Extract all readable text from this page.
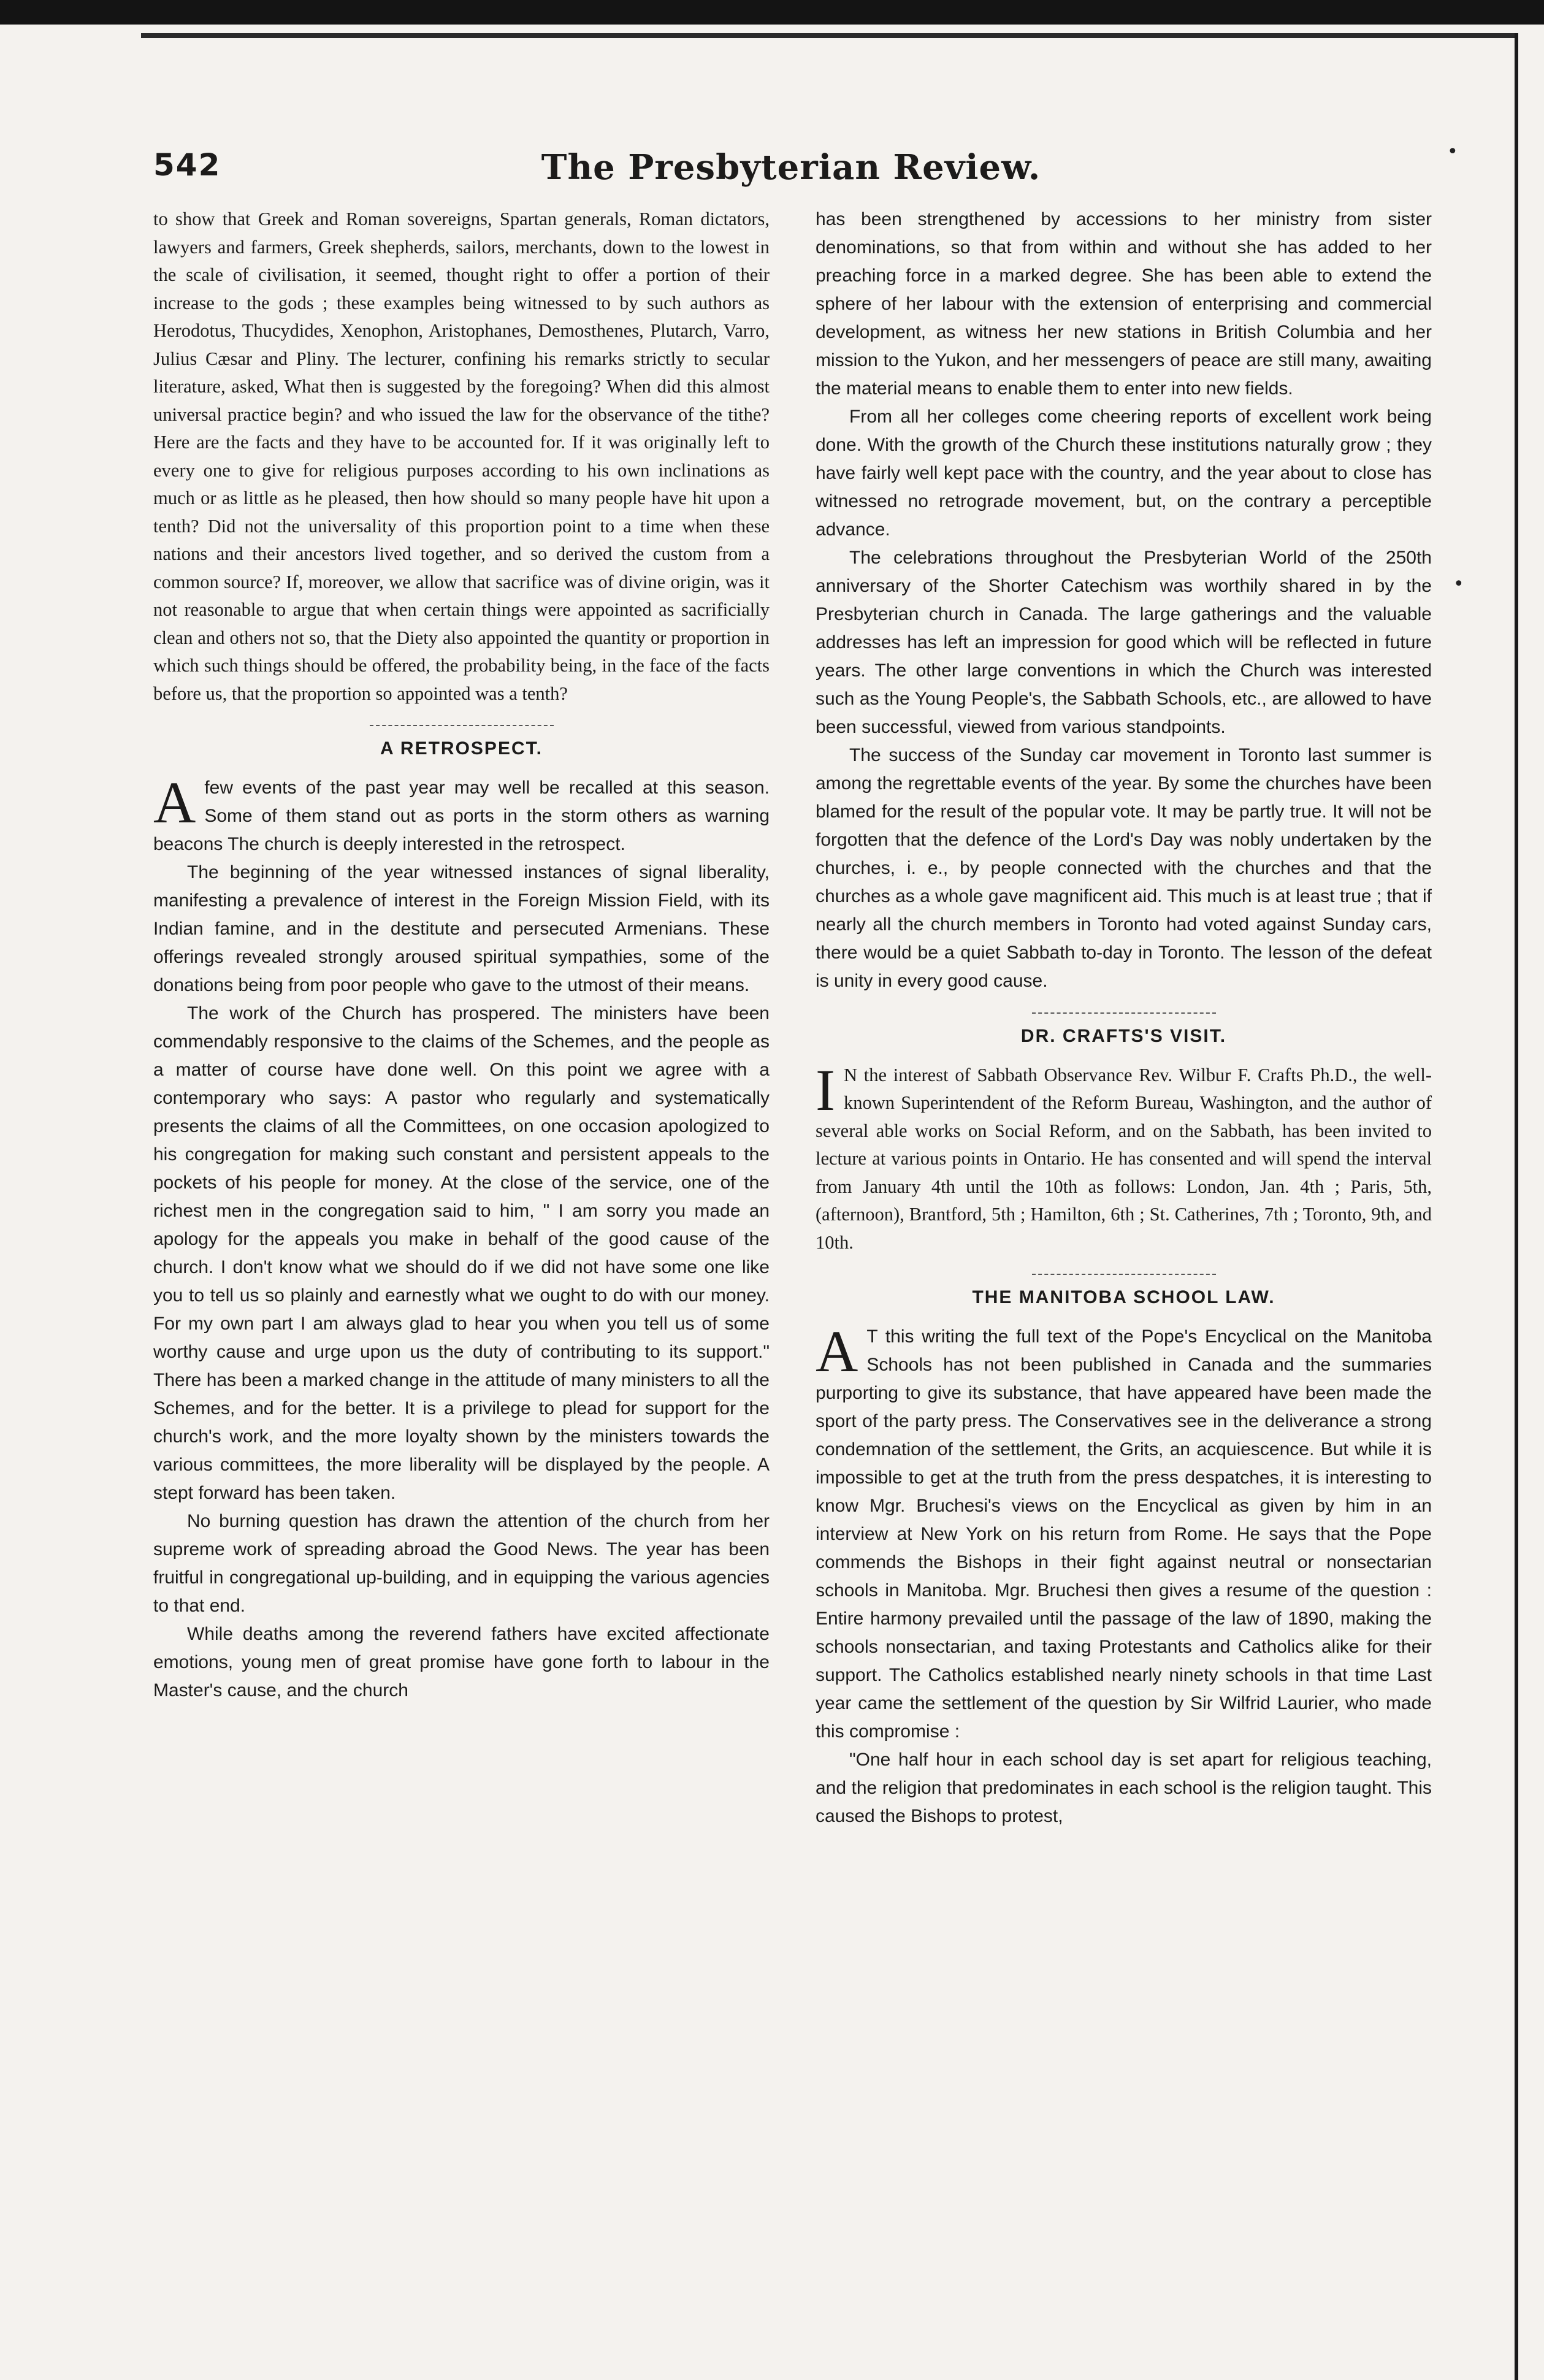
542	The Presbyterian Review.

to show that Greek and Roman sovereigns, Spartan generals, Roman dictators, lawyers and farmers, Greek shepherds, sailors, merchants, down to the lowest in the scale of civilisation, it seemed, thought right to offer a portion of their increase to the gods ; these examples being witnessed to by such authors as Herodotus, Thucydides, Xenophon, Aristophanes, Demosthenes, Plutarch, Varro, Julius Cæsar and Pliny. The lecturer, confining his remarks strictly to secular literature, asked, What then is suggested by the foregoing? When did this almost universal practice begin? and who issued the law for the observance of the tithe? Here are the facts and they have to be accounted for. If it was originally left to every one to give for religious purposes according to his own inclinations as much or as little as he pleased, then how should so many people have hit upon a tenth? Did not the universality of this proportion point to a time when these nations and their ancestors lived together, and so derived the custom from a common source? If, moreover, we allow that sacrifice was of divine origin, was it not reasonable to argue that when certain things were appointed as sacrificially clean and others not so, that the Diety also appointed the quantity or proportion in which such things should be offered, the probability being, in the face of the facts before us, that the proportion so appointed was a tenth?

A RETROSPECT.

Afew events of the past year may well be recalled at this season. Some of them stand out as ports in the storm others as warning beacons The church is deeply interested in the retrospect.

The beginning of the year witnessed instances of signal liberality, manifesting a prevalence of interest in the Foreign Mission Field, with its Indian famine, and in the destitute and persecuted Armenians. These offerings revealed strongly aroused spiritual sympathies, some of the donations being from poor people who gave to the utmost of their means.

The work of the Church has prospered. The ministers have been commendably responsive to the claims of the Schemes, and the people as a matter of course have done well. On this point we agree with a contemporary who says: A pastor who regularly and systematically presents the claims of all the Committees, on one occasion apologized to his congregation for making such constant and persistent appeals to the pockets of his people for money. At the close of the service, one of the richest men in the congregation said to him, " I am sorry you made an apology for the appeals you make in behalf of the good cause of the church. I don't know what we should do if we did not have some one like you to tell us so plainly and earnestly what we ought to do with our money. For my own part I am always glad to hear you when you tell us of some worthy cause and urge upon us the duty of contributing to its support." There has been a marked change in the attitude of many ministers to all the Schemes, and for the better. It is a privilege to plead for support for the church's work, and the more loyalty shown by the ministers towards the various committees, the more liberality will be displayed by the people. A stept forward has been taken.

No burning question has drawn the attention of the church from her supreme work of spreading abroad the Good News. The year has been fruitful in congregational up-building, and in equipping the various agencies to that end.

While deaths among the reverend fathers have excited affectionate emotions, young men of great promise have gone forth to labour in the Master's cause, and the church

has been strengthened by accessions to her ministry from sister denominations, so that from within and without she has added to her preaching force in a marked degree. She has been able to extend the sphere of her labour with the extension of enterprising and commercial development, as witness her new stations in British Columbia and her mission to the Yukon, and her messengers of peace are still many, awaiting the material means to enable them to enter into new fields.

From all her colleges come cheering reports of excellent work being done. With the growth of the Church these institutions naturally grow ; they have fairly well kept pace with the country, and the year about to close has witnessed no retrograde movement, but, on the contrary a perceptible advance.

The celebrations throughout the Presbyterian World of the 250th anniversary of the Shorter Catechism was worthily shared in by the Presbyterian church in Canada. The large gatherings and the valuable addresses has left an impression for good which will be reflected in future years. The other large conventions in which the Church was interested such as the Young People's, the Sabbath Schools, etc., are allowed to have been successful, viewed from various standpoints.

The success of the Sunday car movement in Toronto last summer is among the regrettable events of the year. By some the churches have been blamed for the result of the popular vote. It may be partly true. It will not be forgotten that the defence of the Lord's Day was nobly undertaken by the churches, i. e., by people connected with the churches and that the churches as a whole gave magnificent aid. This much is at least true ; that if nearly all the church members in Toronto had voted against Sunday cars, there would be a quiet Sabbath to-day in Toronto. The lesson of the defeat is unity in every good cause.

DR. CRAFTS'S VISIT.

I N the interest of Sabbath Observance Rev. Wilbur F. Crafts Ph.D., the well-known Superintendent of the Reform Bureau, Washington, and the author of several able works on Social Reform, and on the Sabbath, has been invited to lecture at various points in Ontario. He has consented and will spend the interval from January 4th until the 10th as follows: London, Jan. 4th ; Paris, 5th, (afternoon), Brantford, 5th ; Hamilton, 6th ; St. Catherines, 7th ; Toronto, 9th, and 10th.

THE MANITOBA SCHOOL LAW.

A T this writing the full text of the Pope's Encyclical on the Manitoba Schools has not been published in Canada and the summaries purporting to give its substance, that have appeared have been made the sport of the party press. The Conservatives see in the deliverance a strong condemnation of the settlement, the Grits, an acquiescence. But while it is impossible to get at the truth from the press despatches, it is interesting to know Mgr. Bruchesi's views on the Encyclical as given by him in an interview at New York on his return from Rome. He says that the Pope commends the Bishops in their fight against neutral or nonsectarian schools in Manitoba. Mgr. Bruchesi then gives a resume of the question : Entire harmony prevailed until the passage of the law of 1890, making the schools nonsectarian, and taxing Protestants and Catholics alike for their support. The Catholics established nearly ninety schools in that time Last year came the settlement of the question by Sir Wilfrid Laurier, who made this compromise :

"One half hour in each school day is set apart for religious teaching, and the religion that predominates in each school is the religion taught. This caused the Bishops to protest,

•
•
